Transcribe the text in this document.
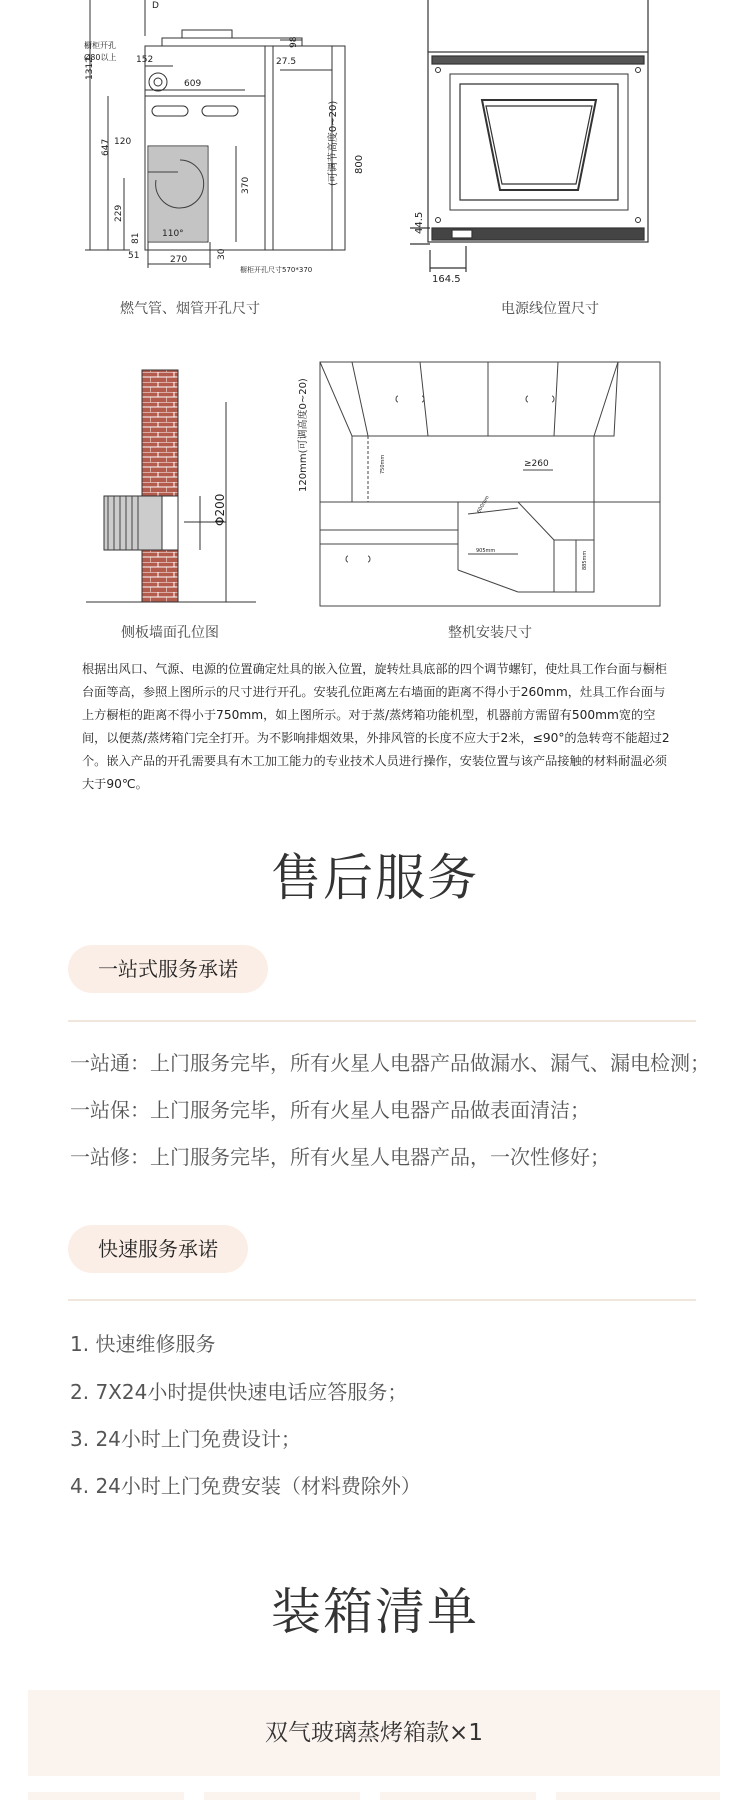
D
橱柜开孔
Ø80以上 152
609
1312
98
27.5
647 120
370
229
81
51	270	30
110°
800
(可调节高度0~20)
橱柜开孔尺寸570*370
燃气管、烟管开孔尺寸
44.5
164.5
电源线位置尺寸
Φ200
120mm(可调高度0~20)
侧板墙面孔位图
≥260
750mm
600mm
905mm	885mm
整机安装尺寸

根据出风口、气源、电源的位置确定灶具的嵌入位置，旋转灶具底部的四个调节螺钉，使灶具工作台面与橱柜台面等高，参照上图所示的尺寸进行开孔。安装孔位距离左右墙面的距离不得小于260mm，灶具工作台面与上方橱柜的距离不得小于750mm，如上图所示。对于蒸/蒸烤箱功能机型，机器前方需留有500mm宽的空间，以便蒸/蒸烤箱门完全打开。为不影响排烟效果，外排风管的长度不应大于2米，≤90°的急转弯不能超过2个。嵌入产品的开孔需要具有木工加工能力的专业技术人员进行操作，安装位置与该产品接触的材料耐温必须大于90℃。

售后服务
一站式服务承诺
一站通：上门服务完毕，所有火星人电器产品做漏水、漏气、漏电检测；
一站保：上门服务完毕，所有火星人电器产品做表面清洁；
一站修：上门服务完毕，所有火星人电器产品，一次性修好；
快速服务承诺
1. 快速维修服务
2. 7X24小时提供快速电话应答服务；
3. 24小时上门免费设计；
4. 24小时上门免费安装（材料费除外）
装箱清单
双气玻璃蒸烤箱款×1
